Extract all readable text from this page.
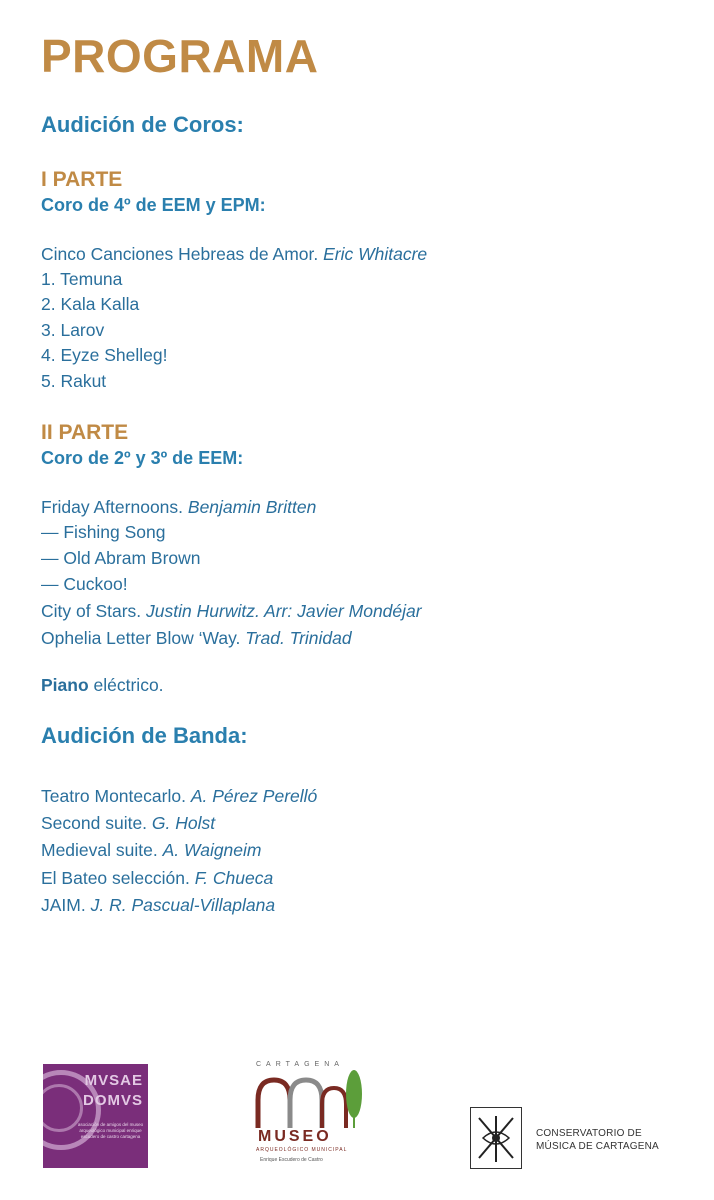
PROGRAMA
Audición de Coros:
I PARTE
Coro de 4º de EEM y EPM:
Cinco Canciones Hebreas de Amor. Eric Whitacre
1. Temuna
2. Kala Kalla
3. Larov
4. Eyze Shelleg!
5. Rakut
II PARTE
Coro de 2º y 3º de EEM:
Friday Afternoons. Benjamin Britten
— Fishing Song
— Old Abram Brown
— Cuckoo!
City of Stars. Justin Hurwitz. Arr: Javier Mondéjar
Ophelia Letter Blow ‘Way. Trad. Trinidad
Piano eléctrico.
Audición de Banda:
Teatro Montecarlo. A. Pérez Perelló
Second suite. G. Holst
Medieval suite. A. Waigneim
El Bateo selección. F. Chueca
JAIM. J. R. Pascual-Villaplana
MVSAE
DOMVS
asociación de amigos del museo arqueológico municipal enrique escudero de castro cartagena
CARTAGENA
MUSEO
ARQUEOLÓGICO MUNICIPAL
Enrique Escudero de Castro
CONSERVATORIO DE
MÚSICA DE CARTAGENA
